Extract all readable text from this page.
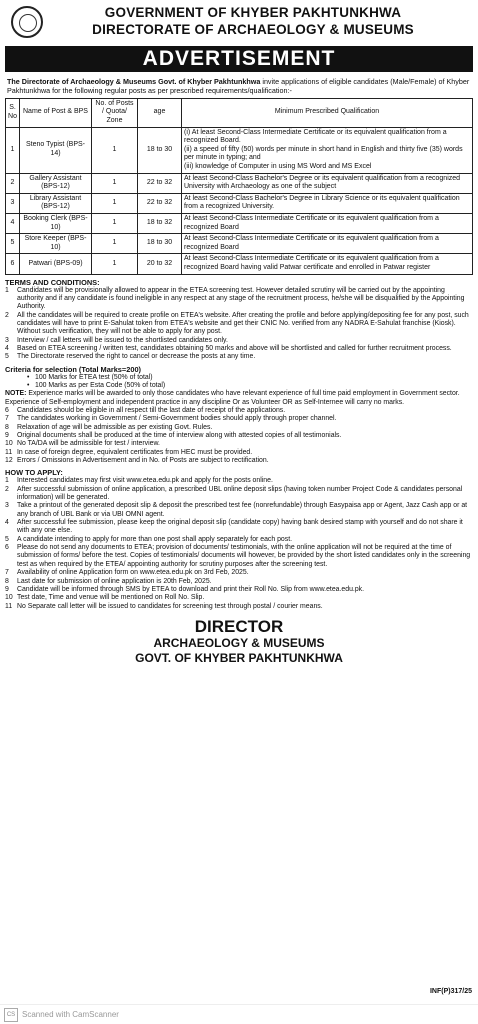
GOVERNMENT OF KHYBER PAKHTUNKHWA
DIRECTORATE OF ARCHAEOLOGY & MUSEUMS
ADVERTISEMENT
The Directorate of Archaeology & Museums Govt. of Khyber Pakhtunkhwa invite applications of eligible candidates (Male/Female) of Khyber Pakhtunkhwa for the following regular posts as per prescribed requirements/qualification:-
S. No	Name of Post & BPS	No. of Posts / Quota/ Zone	age	Minimum Prescribed Qualification
1	Steno Typist (BPS-14)	1	18 to 30	(i) At least Second-Class Intermediate Certificate or its equivalent qualification from a recognized Board.
(ii) a speed of fifty (50) words per minute in short hand in English and thirty five (35) words per minute in typing; and
(iii) knowledge of Computer in using MS Word and MS Excel

2	Gallery Assistant (BPS-12)	1	22 to 32	At least Second-Class Bachelor's Degree or its equivalent qualification from a recognized University with Archaeology as one of the subject

3	Library Assistant (BPS-12)	1	22 to 32	At least Second-Class Bachelor's Degree in Library Science or its equivalent qualification from a recognized University.

4	Booking Clerk (BPS-10)	1	18 to 32	At least Second-Class Intermediate Certificate or its equivalent qualification from a recognized Board

5	Store Keeper (BPS-10)	1	18 to 30	At least Second-Class Intermediate Certificate or its equivalent qualification from a recognized Board

6	Patwari (BPS-09)	1	20 to 32	At least Second-Class Intermediate Certificate or its equivalent qualification from a recognized Board having valid Patwar certificate and enrolled in Patwar register
TERMS AND CONDITIONS:
1	Candidates will be provisionally allowed to appear in the ETEA screening test. However detailed scrutiny will be carried out by the appointing authority and if any candidate is found ineligible in any respect at any stage of the recruitment process, he/she will be disqualified by the Appointing Authority.
2	All the candidates will be required to create profile on ETEA's website. After creating the profile and before applying/depositing fee for any post, such candidates will have to print E-Sahulat token from ETEA's website and get their CNIC No. verified from any NADRA E-Sahulat franchise (Kiosk). Without such verification, they will not be able to apply for any post.
3	Interview / call letters will be issued to the shortlisted candidates only.
4	Based on ETEA screening / written test, candidates obtaining 50 marks and above will be shortlisted and called for further recruitment process.
5	The Directorate reserved the right to cancel or decrease the posts at any time.
Criteria for selection (Total Marks=200)
• 100 Marks for ETEA test (50% of total)
• 100 Marks as per Esta Code (50% of total)
NOTE: Experience marks will be awarded to only those candidates who have relevant experience of full time paid employment in Government sector. Experience of Self-employment and independent practice in any discipline Or as Volunteer OR as Self-Internee will carry no marks.
6	Candidates should be eligible in all respect till the last date of receipt of the applications.
7	The candidates working in Government / Semi-Government bodies should apply through proper channel.
8	Relaxation of age will be admissible as per existing Govt. Rules.
9	Original documents shall be produced at the time of interview along with attested copies of all testimonials.
10 No TA/DA will be admissible for test / interview.
11 In case of foreign degree, equivalent certificates from HEC must be provided.
12 Errors / Omissions in Advertisement and in No. of Posts are subject to rectification.
HOW TO APPLY:
1	Interested candidates may first visit www.etea.edu.pk and apply for the posts online.
2	After successful submission of online application, a prescribed UBL online deposit slips (having token number Project Code & candidates personal information) will be generated.
3	Take a printout of the generated deposit slip & deposit the prescribed test fee (nonrefundable) through Easypaisa app or Agent, Jazz Cash app or at any branch of UBL Bank or via UBI OMNI agent.
4	After successful fee submission, please keep the original deposit slip (candidate copy) having bank desired stamp with yourself and do not share it with any one else.
5	A candidate intending to apply for more than one post shall apply separately for each post.
6	Please do not send any documents to ETEA; provision of documents/ testimonials, with the online application will not be required at the time of submission of forms/ before the test. Copies of testimonials/ documents will however, be provided by the short listed candidates only in the screening test as when required by the ETEA/ appointing authority for scrutiny purposes after the screening test.
7	Availability of online Application form on www.etea.edu.pk on 3rd Feb, 2025.
8	Last date for submission of online application is 20th Feb, 2025.
9	Candidate will be informed through SMS by ETEA to download and print their Roll No. Slip from www.etea.edu.pk.
10 Test date, Time and venue will be mentioned on Roll No. Slip.
11 No Separate call letter will be issued to candidates for screening test through postal / courier means.
DIRECTOR
ARCHAEOLOGY & MUSEUMS
GOVT. OF KHYBER PAKHTUNKHWA
INF(P)317/25
CS Scanned with CamScanner
